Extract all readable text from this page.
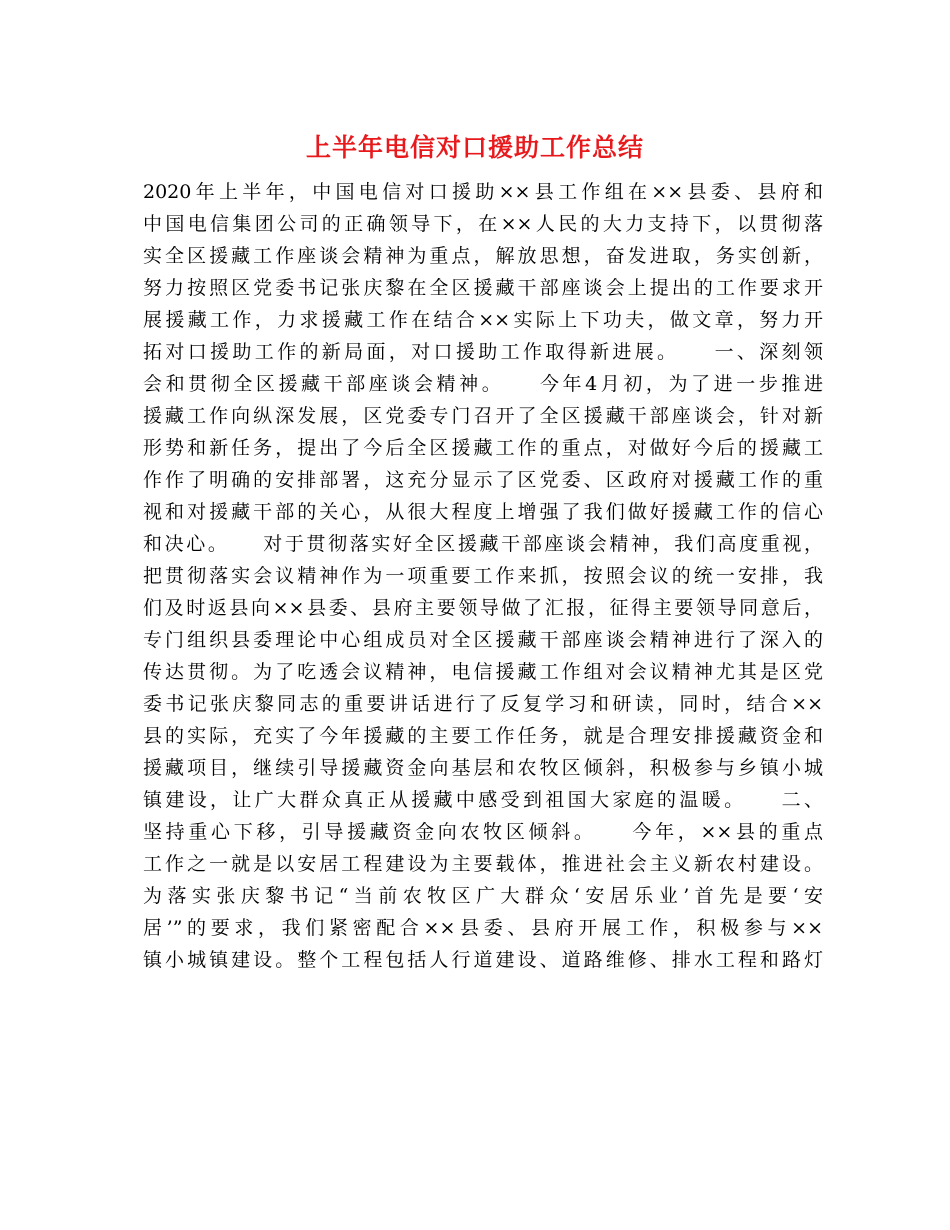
上半年电信对口援助工作总结
2020年上半年，中国电信对口援助××县工作组在××县委、县府和
中国电信集团公司的正确领导下，在××人民的大力支持下，以贯彻落
实全区援藏工作座谈会精神为重点，解放思想，奋发进取，务实创新，
努力按照区党委书记张庆黎在全区援藏干部座谈会上提出的工作要求开
展援藏工作，力求援藏工作在结合××实际上下功夫，做文章，努力开
拓对口援助工作的新局面，对口援助工作取得新进展。　　一、深刻领
会和贯彻全区援藏干部座谈会精神。　　今年4月初，为了进一步推进
援藏工作向纵深发展，区党委专门召开了全区援藏干部座谈会，针对新
形势和新任务，提出了今后全区援藏工作的重点，对做好今后的援藏工
作作了明确的安排部署，这充分显示了区党委、区政府对援藏工作的重
视和对援藏干部的关心，从很大程度上增强了我们做好援藏工作的信心
和决心。　　对于贯彻落实好全区援藏干部座谈会精神，我们高度重视，
把贯彻落实会议精神作为一项重要工作来抓，按照会议的统一安排，我
们及时返县向××县委、县府主要领导做了汇报，征得主要领导同意后，
专门组织县委理论中心组成员对全区援藏干部座谈会精神进行了深入的
传达贯彻。为了吃透会议精神，电信援藏工作组对会议精神尤其是区党
委书记张庆黎同志的重要讲话进行了反复学习和研读，同时，结合××
县的实际，充实了今年援藏的主要工作任务，就是合理安排援藏资金和
援藏项目，继续引导援藏资金向基层和农牧区倾斜，积极参与乡镇小城
镇建设，让广大群众真正从援藏中感受到祖国大家庭的温暖。　　二、
坚持重心下移，引导援藏资金向农牧区倾斜。　　今年，××县的重点
工作之一就是以安居工程建设为主要载体，推进社会主义新农村建设。
为落实张庆黎书记“当前农牧区广大群众‘安居乐业’首先是要‘安
居’”的要求，我们紧密配合××县委、县府开展工作，积极参与××
镇小城镇建设。整个工程包括人行道建设、道路维修、排水工程和路灯
